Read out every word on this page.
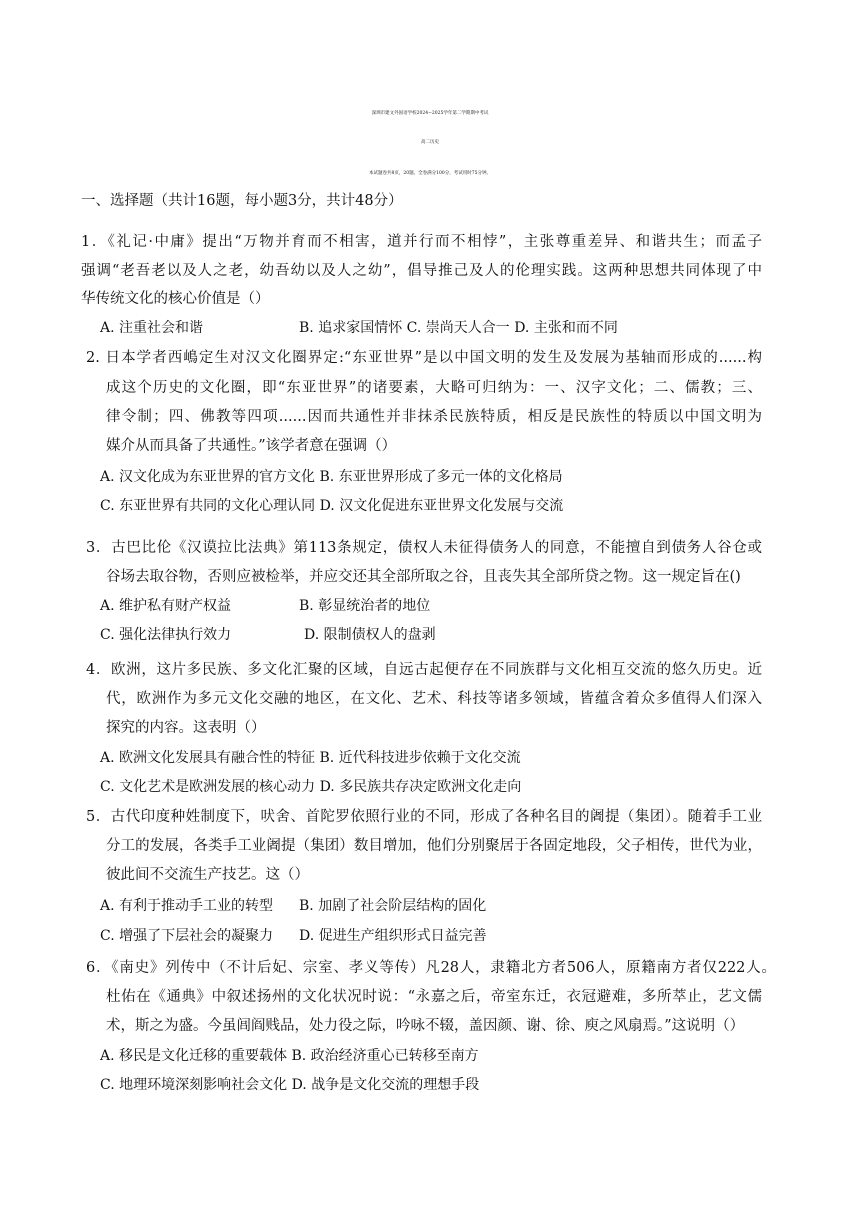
深圳市建文外国语学校2024−2025学年第二学期期中考试
高二历史
本试题卷共8页，20题。全卷满分100分，考试用时75分钟。
一、选择题（共计16题，每小题3分，共计48分）
1．《礼记·中庸》提出“万物并育而不相害，道并行而不相悖”，主张尊重差异、和谐共生；而孟子
强调“老吾老以及人之老，幼吾幼以及人之幼”，倡导推己及人的伦理实践。这两种思想共同体现了中
华传统文化的核心价值是（）
A. 注重社会和谐	B. 追求家国情怀 C. 崇尚天人合一 D. 主张和而不同
2. 日本学者西嶋定生对汉文化圈界定:“东亚世界”是以中国文明的发生及发展为基轴而形成的......构
成这个历史的文化圈，即“东亚世界”的诸要素，大略可归纳为：一、汉字文化；二、儒教；三、
律令制；四、佛教等四项......因而共通性并非抹杀民族特质，相反是民族性的特质以中国文明为
媒介从而具备了共通性。”该学者意在强调（）
A. 汉文化成为东亚世界的官方文化 B. 东亚世界形成了多元一体的文化格局
C. 东亚世界有共同的文化心理认同 D. 汉文化促进东亚世界文化发展与交流
3．古巴比伦《汉谟拉比法典》第113条规定，债权人未征得债务人的同意，不能擅自到债务人谷仓或
谷场去取谷物，否则应被检举，并应交还其全部所取之谷，且丧失其全部所贷之物。这一规定旨在()
A. 维护私有财产权益	B. 彰显统治者的地位
C. 强化法律执行效力	D. 限制债权人的盘剥
4．欧洲，这片多民族、多文化汇聚的区域，自远古起便存在不同族群与文化相互交流的悠久历史。近
代，欧洲作为多元文化交融的地区，在文化、艺术、科技等诸多领域，皆蕴含着众多值得人们深入
探究的内容。这表明（）
A. 欧洲文化发展具有融合性的特征 B. 近代科技进步依赖于文化交流
C. 文化艺术是欧洲发展的核心动力 D. 多民族共存决定欧洲文化走向
5．古代印度种姓制度下，吠舍、首陀罗依照行业的不同，形成了各种名目的阇提（集团）。随着手工业
分工的发展，各类手工业阇提（集团）数目增加，他们分别聚居于各固定地段，父子相传，世代为业，
彼此间不交流生产技艺。这（）
A. 有利于推动手工业的转型 B. 加剧了社会阶层结构的固化
C. 增强了下层社会的凝聚力 D. 促进生产组织形式日益完善
6．《南史》列传中（不计后妃、宗室、孝义等传）凡28人，隶籍北方者506人，原籍南方者仅222人。
杜佑在《通典》中叙述扬州的文化状况时说：“永嘉之后，帝室东迁，衣冠避难，多所萃止，艺文儒
术，斯之为盛。今虽闾阎贱品，处力役之际，吟咏不辍，盖因颜、谢、徐、庾之风扇焉。”这说明（）
A. 移民是文化迁移的重要载体 B. 政治经济重心已转移至南方
C. 地理环境深刻影响社会文化 D. 战争是文化交流的理想手段
